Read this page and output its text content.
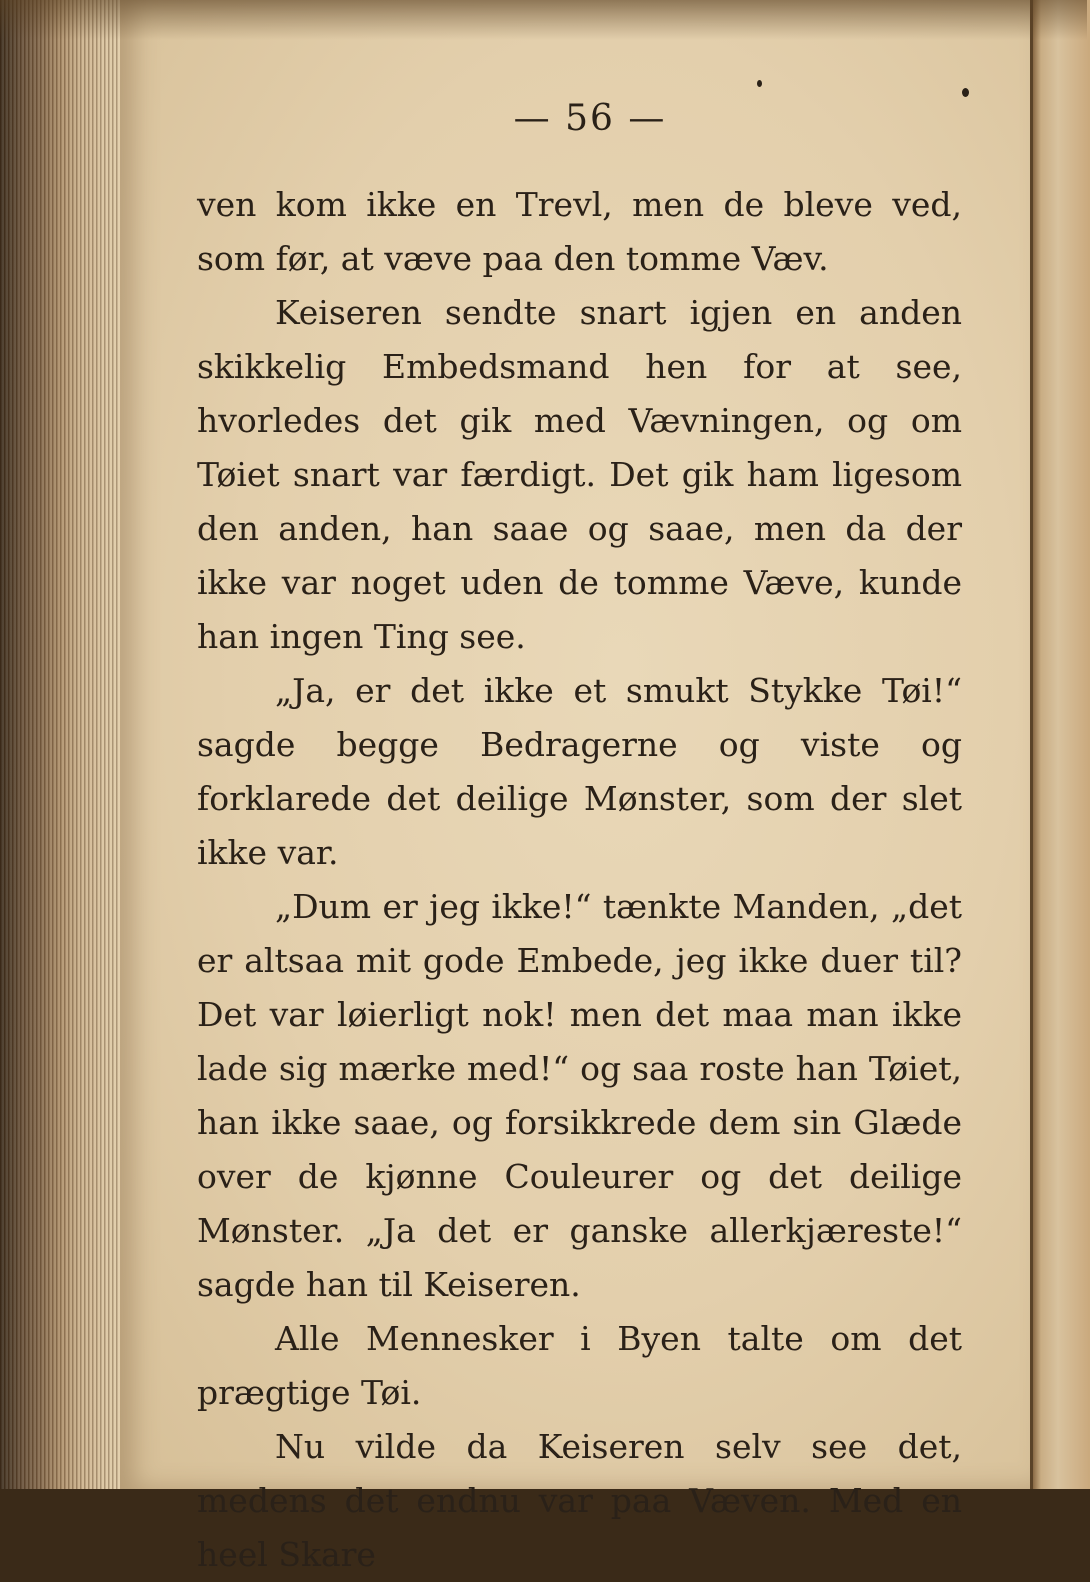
— 56 —

ven kom ikke en Trevl, men de bleve ved, som før, at væve paa den tomme Væv.

Keiseren sendte snart igjen en anden skikkelig Embedsmand hen for at see, hvorledes det gik med Vævningen, og om Tøiet snart var færdigt. Det gik ham ligesom den anden, han saae og saae, men da der ikke var noget uden de tomme Væve, kunde han ingen Ting see.

„Ja, er det ikke et smukt Stykke Tøi!“ sagde begge Bedragerne og viste og forklarede det deilige Mønster, som der slet ikke var.

„Dum er jeg ikke!“ tænkte Manden, „det er altsaa mit gode Embede, jeg ikke duer til? Det var løierligt nok! men det maa man ikke lade sig mærke med!“ og saa roste han Tøiet, han ikke saae, og forsikkrede dem sin Glæde over de kjønne Couleurer og det deilige Mønster. „Ja det er ganske allerkjæreste!“ sagde han til Keiseren.

Alle Mennesker i Byen talte om det prægtige Tøi.

Nu vilde da Keiseren selv see det, medens det endnu var paa Væven. Med en heel Skare
